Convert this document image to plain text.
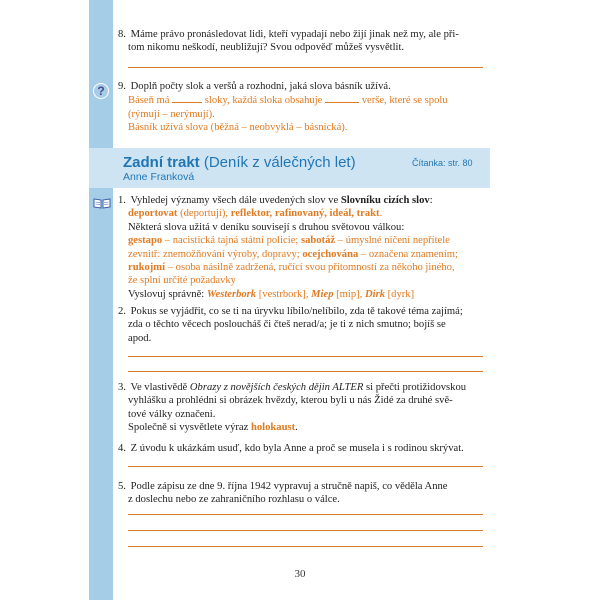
8. Máme právo pronásledovat lidi, kteří vypadají nebo žijí jinak než my, ale při-
tom nikomu neškodí, neubližují? Svou odpověď můžeš vysvětlit.
? 9. Doplň počty slok a veršů a rozhodni, jaká slova básník užívá.
Báseň má	sloky, každá sloka obsahuje	verše, které se spolu
(rýmují – nerýmují).
Básník užívá slova (běžná – neobvyklá – básnická).
Zadní trakt (Deník z válečných let)
Anne Franková
Čítanka: str. 80
1. Vyhledej významy všech dále uvedených slov ve Slovníku cizích slov:
deportovat (deportují), reflektor, rafinovaný, ideál, trakt.
Některá slova užitá v deníku souvisejí s druhou světovou válkou:
gestapo – nacistická tajná státní policie; sabotáž – úmyslné ničení nepřítele
zevnitř: znemožňování výroby, dopravy; ocejchována – označena znamením;
rukojmí – osoba násilně zadržená, ručící svou přítomností za někoho jiného,
že splní určité požadavky
Vyslovuj správně: Westerbork [vestrbork], Miep [mip], Dirk [dyrk]
2. Pokus se vyjádřit, co se ti na úryvku líbilo/nelíbilo, zda tě takové téma zajímá;
zda o těchto věcech posloucháš či čteš nerad/a; je ti z nich smutno; bojíš se
apod.
3. Ve vlastivědě Obrazy z novějších českých dějin ALTER si přečti protižidovskou
vyhlášku a prohlédni si obrázek hvězdy, kterou byli u nás Židé za druhé svě-
tové války označeni.
Společně si vysvětlete výraz holokaust.
4. Z úvodu k ukázkám usuď, kdo byla Anne a proč se musela i s rodinou skrývat.
5. Podle zápisu ze dne 9. října 1942 vypravuj a stručně napiš, co věděla Anne
z doslechu nebo ze zahraničního rozhlasu o válce.
30
